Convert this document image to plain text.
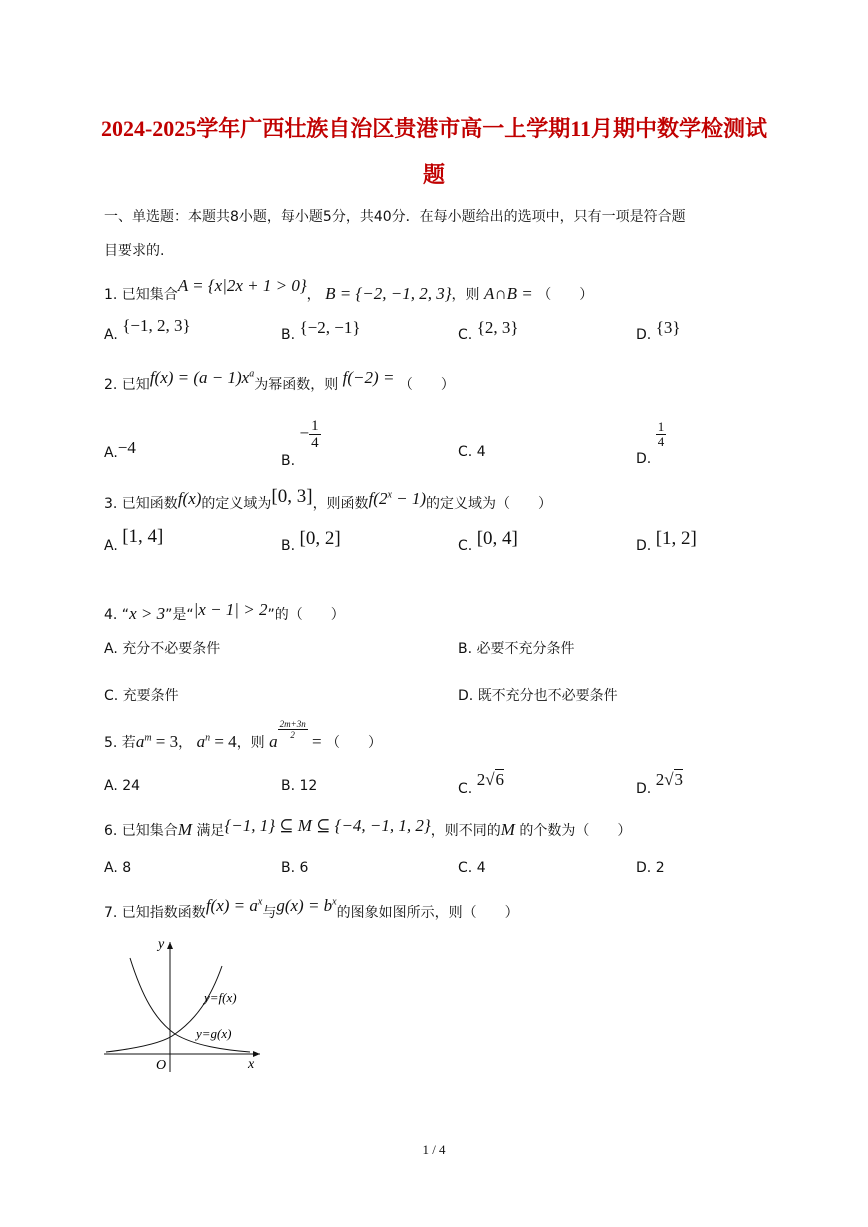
2024-2025学年广西壮族自治区贵港市高一上学期11月期中数学检测试
题
一、单选题：本题共8小题，每小题5分，共40分．在每小题给出的选项中，只有一项是符合题
目要求的.
1. 已知集合A = {x|2x + 1 > 0}， B = {−2, −1, 2, 3}，则 A∩B = （　　）
A. {−1, 2, 3}	B. {−2, −1}	C. {2, 3}	D. {3}
2. 已知$f(x) = (a - 1)x^a$为幂函数，则 f(−2) = （　　）
A.−4
B. − $\frac{1}{4}$
C. 4	D.
$\frac{1}{4}$
3. 已知函数f(x)的定义域为[0, 3]，则函数$f(2^x - 1)$的定义域为（　　）
A. [1, 4]	B. [0, 2]	C. [0, 4]	D. [1, 2]
4. “x > 3”是“|x − 1| > 2”的（　　）
A. 充分不必要条件	B. 必要不充分条件
C. 充要条件	D. 既不充分也不必要条件
5. 若$a^m = 3$， $a^n = 4$，则 a
$\frac{2m+3n}{2}$
= （　　）
A. 24	B. 12	C. 2√6	D. 2√3
6. 已知集合M 满足{−1, 1} ⊆ M ⊆ {−4, −1, 1, 2}，则不同的M 的个数为（　　）
A. 8	B. 6	C. 4	D. 2
7. 已知指数函数$f(x) = a^x$与$g(x) = b^x$的图象如图所示，则（　　）
y
x
O
y=f(x)
y=g(x)
1 / 4
